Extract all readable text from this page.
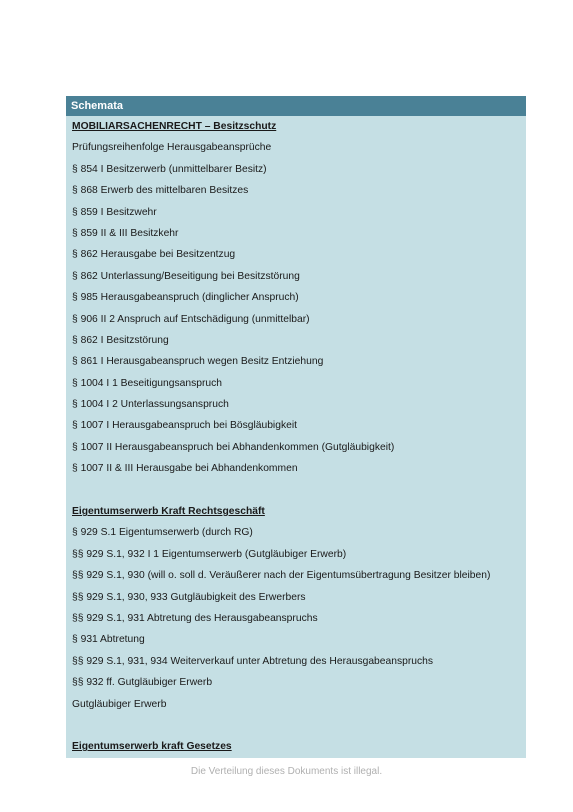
Schemata
MOBILIARSACHENRECHT – Besitzschutz
Prüfungsreihenfolge Herausgabeansprüche
§ 854 I Besitzerwerb (unmittelbarer Besitz)
§ 868 Erwerb des mittelbaren Besitzes
§ 859 I Besitzwehr
§ 859 II & III Besitzkehr
§ 862 Herausgabe bei Besitzentzug
§ 862 Unterlassung/Beseitigung bei Besitzstörung
§ 985 Herausgabeanspruch (dinglicher Anspruch)
§ 906 II 2 Anspruch auf Entschädigung (unmittelbar)
§ 862 I Besitzstörung
§ 861 I Herausgabeanspruch wegen Besitz Entziehung
§ 1004 I 1 Beseitigungsanspruch
§ 1004 I 2 Unterlassungsanspruch
§ 1007 I Herausgabeanspruch bei Bösgläubigkeit
§ 1007 II Herausgabeanspruch bei Abhandenkommen (Gutgläubigkeit)
§ 1007 II & III Herausgabe bei Abhandenkommen
Eigentumserwerb Kraft Rechtsgeschäft
§ 929 S.1 Eigentumserwerb (durch RG)
§§ 929 S.1, 932 I 1 Eigentumserwerb (Gutgläubiger Erwerb)
§§ 929 S.1, 930 (will o. soll d. Veräußerer nach der Eigentumsübertragung Besitzer bleiben)
§§ 929 S.1, 930, 933 Gutgläubigkeit des Erwerbers
§§ 929 S.1, 931 Abtretung des Herausgabeanspruchs
§ 931 Abtretung
§§ 929 S.1, 931, 934 Weiterverkauf unter Abtretung des Herausgabeanspruchs
§§ 932 ff. Gutgläubiger Erwerb
Gutgläubiger Erwerb
Eigentumserwerb kraft Gesetzes
Die Verteilung dieses Dokuments ist illegal.
